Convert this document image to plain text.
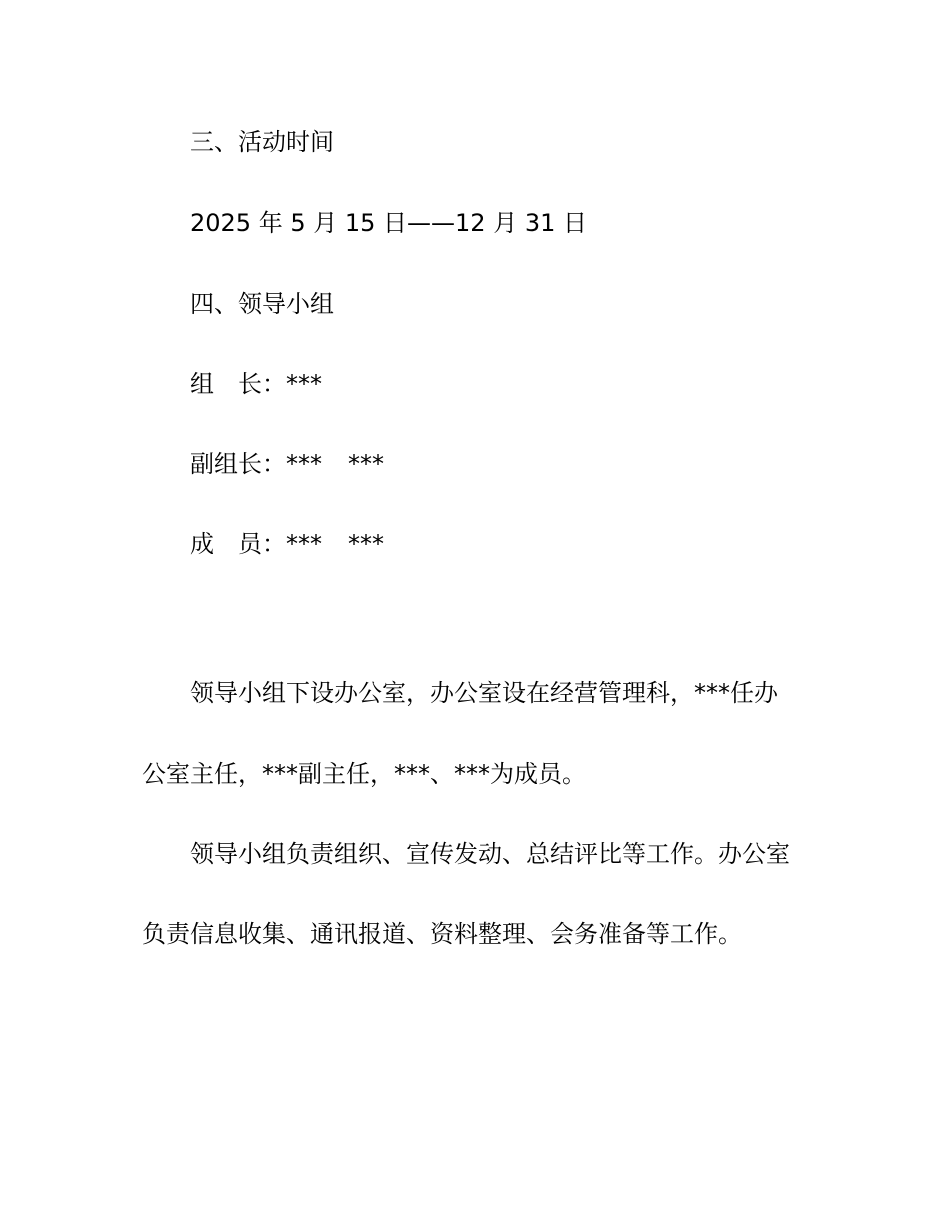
三、活动时间
2025 年 5 月 15 日——12 月 31 日
四、领导小组
组 长：***
副组长：*** ***
成 员：*** ***
领导小组下设办公室，办公室设在经营管理科，***任办
公室主任，***副主任，***、***为成员。
领导小组负责组织、宣传发动、总结评比等工作。办公室
负责信息收集、通讯报道、资料整理、会务准备等工作。
